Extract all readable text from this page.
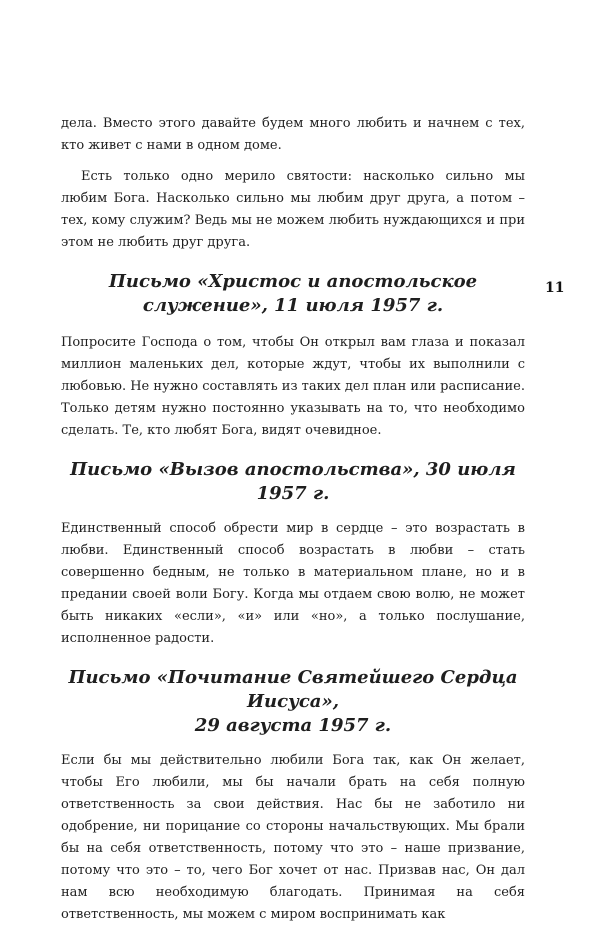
дела. Вместо этого давайте будем много любить и начнем с тех, кто живет с нами в одном доме.

Есть только одно мерило святости: насколько сильно мы любим Бога. Насколько сильно мы любим друг друга, а потом – тех, кому служим? Ведь мы не можем любить нуждающихся и при этом не любить друг друга.

Письмо «Христос и апостольское служение», 11 июля 1957 г.

Попросите Господа о том, чтобы Он открыл вам глаза и показал миллион маленьких дел, которые ждут, чтобы их выполнили с любовью. Не нужно составлять из таких дел план или расписание. Только детям нужно постоянно указывать на то, что необходимо сделать. Те, кто любят Бога, видят очевидное.

Письмо «Вызов апостольства», 30 июля 1957 г.

Единственный способ обрести мир в сердце – это возрастать в любви. Единственный способ возрастать в любви – стать совершенно бедным, не только в материальном плане, но и в предании своей воли Богу. Когда мы отдаем свою волю, не может быть никаких «если», «и» или «но», а только послушание, исполненное радости.

Письмо «Почитание Святейшего Сердца Иисуса»,
29 августа 1957 г.

Если бы мы действительно любили Бога так, как Он желает, чтобы Его любили, мы бы начали брать на себя полную ответственность за свои действия. Нас бы не заботило ни одобрение, ни порицание со стороны начальствующих. Мы брали бы на себя ответственность, потому что это – наше призвание, потому что это – то, чего Бог хочет от нас. Призвав нас, Он дал нам всю необходимую благодать. Принимая на себя ответственность, мы можем с миром воспринимать как

11
